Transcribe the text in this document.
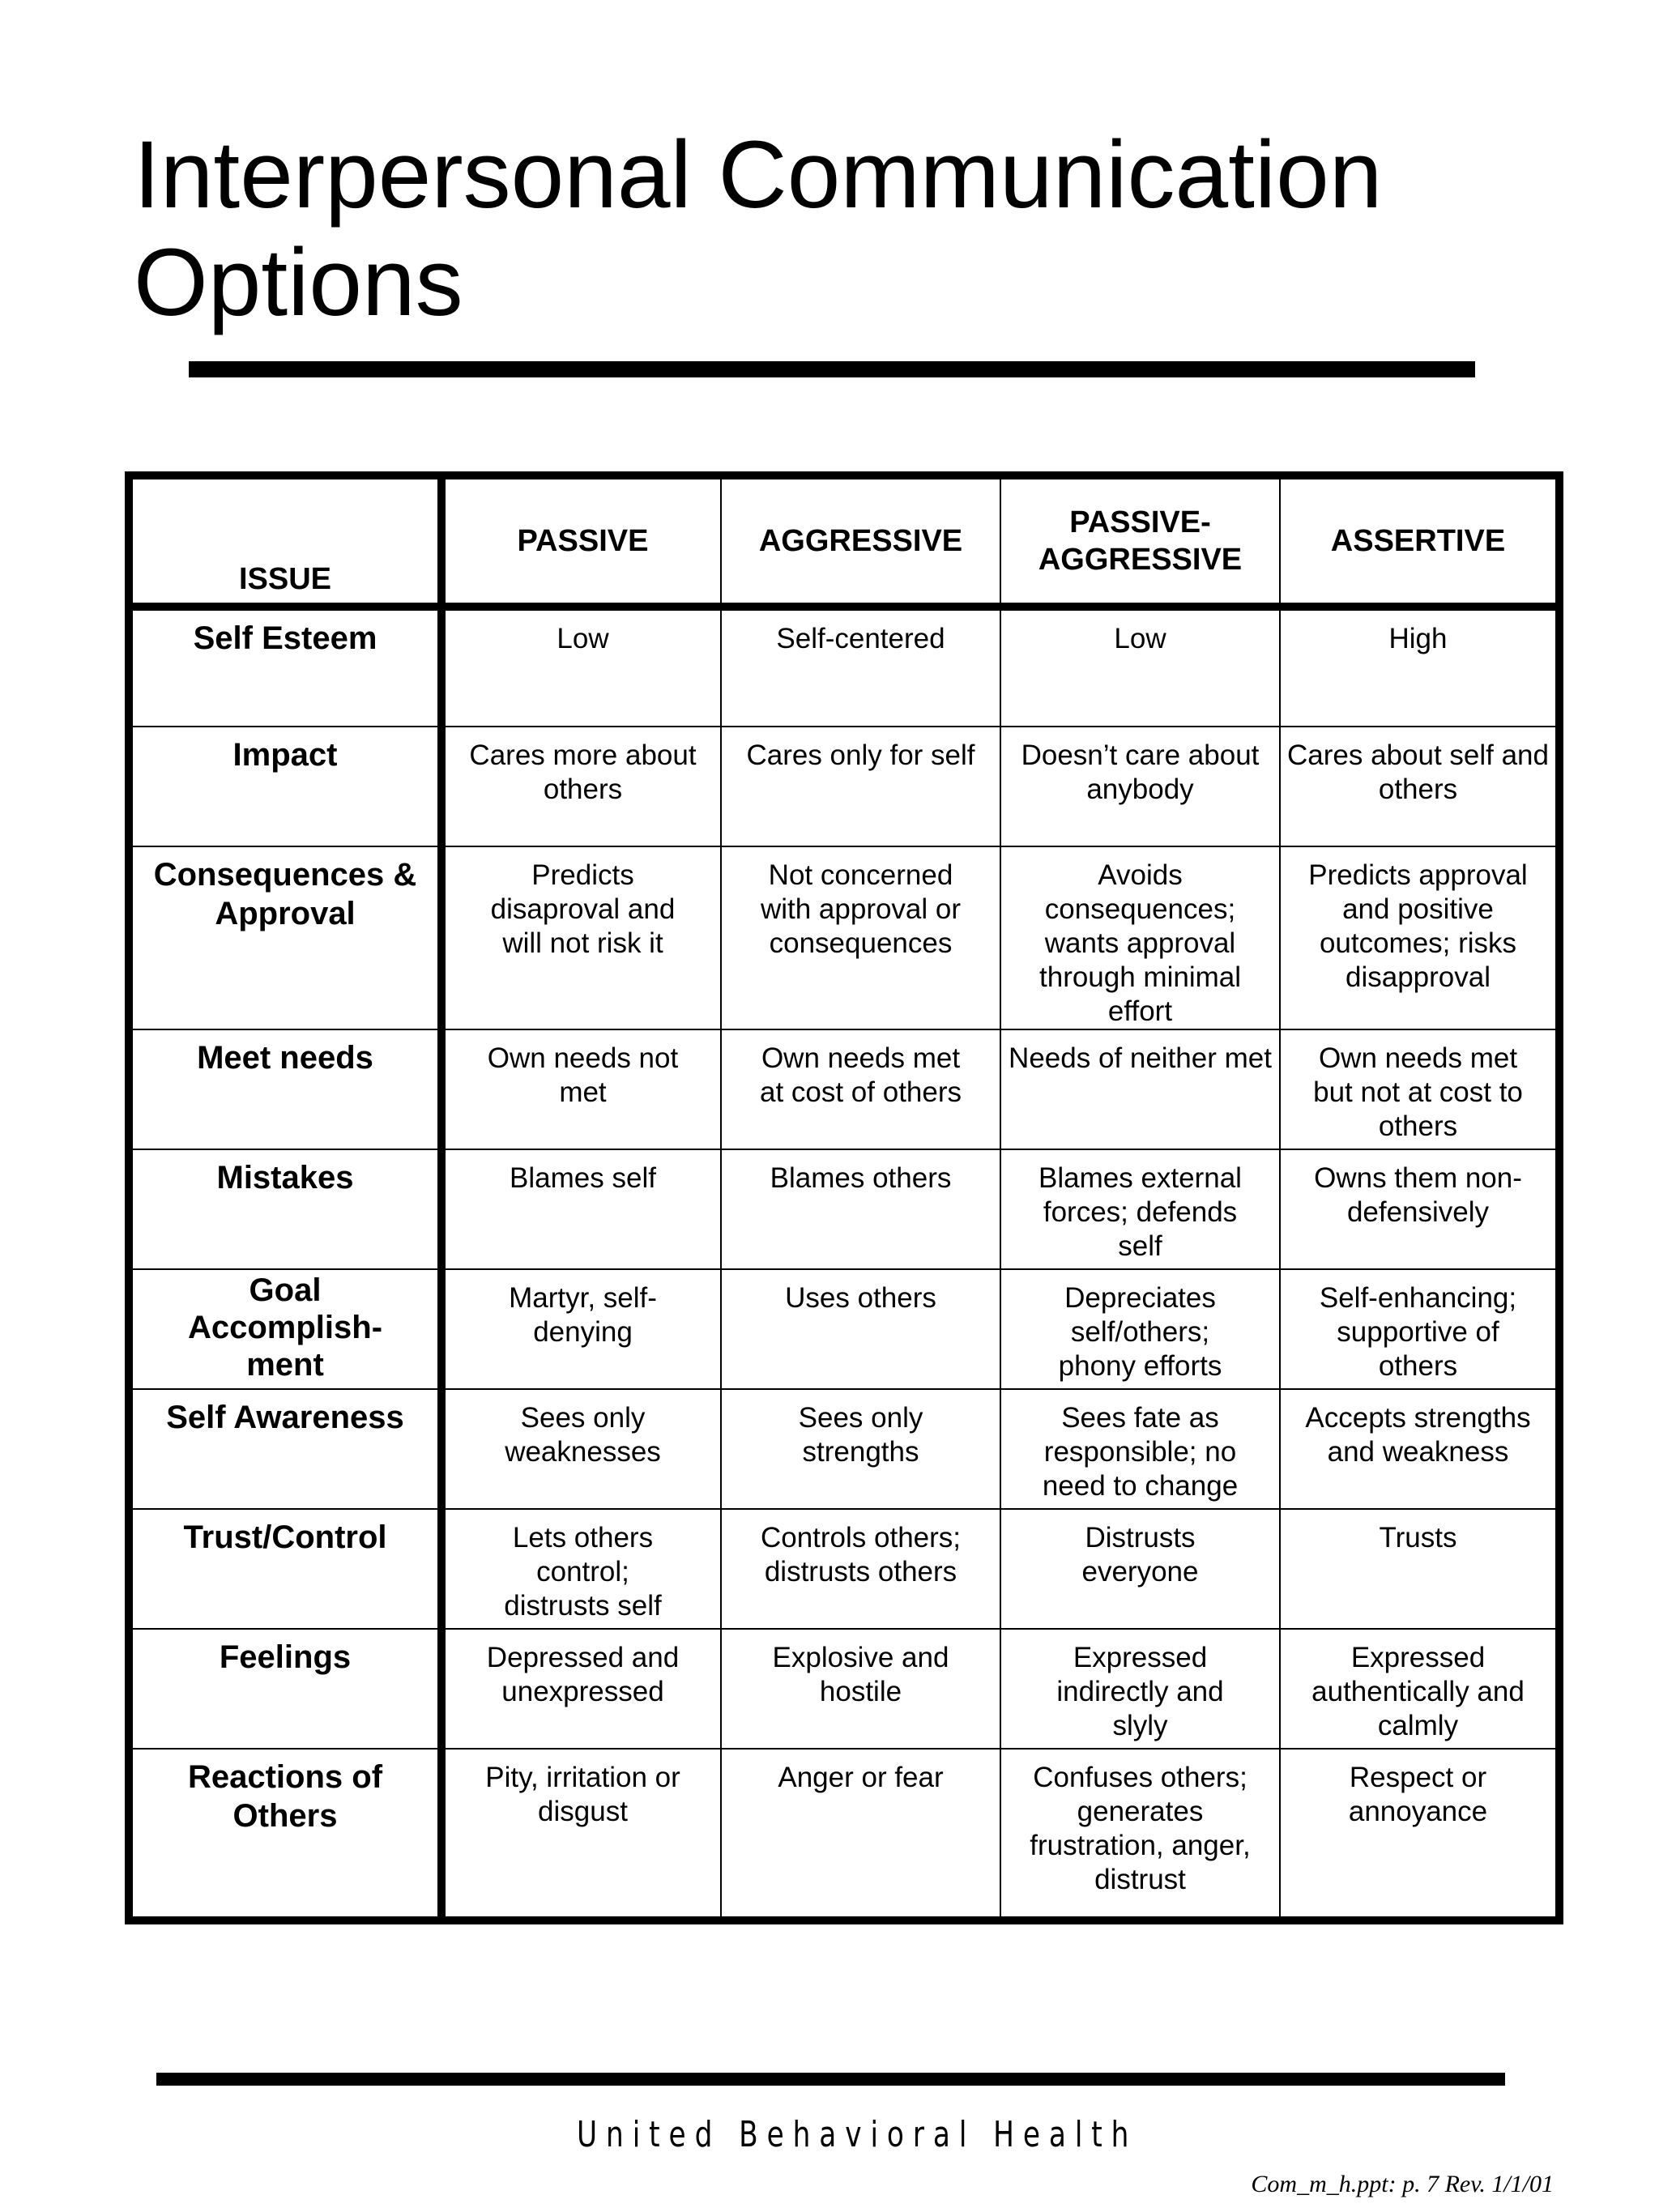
Interpersonal Communication Options
ISSUE	PASSIVE	AGGRESSIVE	PASSIVE-AGGRESSIVE	ASSERTIVE
Self Esteem	Low	Self-centered	Low	High
Impact	Cares more about others	Cares only for self	Doesn’t care about anybody	Cares about self and others
Consequences & Approval	Predicts disaproval and will not risk it	Not concerned with approval or consequences	Avoids consequences; wants approval through minimal effort	Predicts approval and positive outcomes; risks disapproval
Meet needs	Own needs not met	Own needs met at cost of others	Needs of neither met	Own needs met but not at cost to others
Mistakes	Blames self	Blames others	Blames external forces; defends self	Owns them non-defensively
Goal Accomplish-ment	Martyr, self-denying	Uses others	Depreciates self/others; phony efforts	Self-enhancing; supportive of others
Self Awareness	Sees only weaknesses	Sees only strengths	Sees fate as responsible; no need to change	Accepts strengths and weakness
Trust/Control	Lets others control; distrusts self	Controls others; distrusts others	Distrusts everyone	Trusts
Feelings	Depressed and unexpressed	Explosive and hostile	Expressed indirectly and slyly	Expressed authentically and calmly
Reactions of Others	Pity, irritation or disgust	Anger or fear	Confuses others; generates frustration, anger, distrust	Respect or annoyance
United Behavioral Health
Com_m_h.ppt: p. 7 Rev. 1/1/01
